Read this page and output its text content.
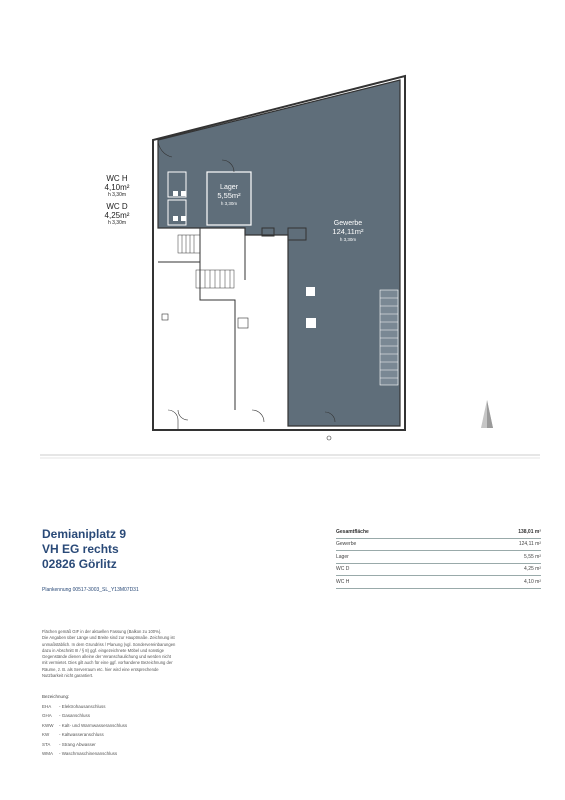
WC H
4,10m²
h 3,30m
WC D
4,25m²
h 3,30m
Lager
5,55m²
h 3,30m
Gewerbe
124,11m²
h 3,30m
Demianiplatz 9
VH EG rechts
02826 Görlitz
Plankennung 00517-3003_SL_Y13M07D31
Gesamtfläche	138,01 m²
Gewerbe	124,11 m²
Lager	5,55 m²
WC D	4,25 m²
WC H	4,10 m²
Flächen gemäß GIF in der aktuellen Fassung (Balkon zu 100%).
Die Angaben über Länge und Breite sind zur Hauptmaße. Zeichnung ist
unmaßstäblich. In dem Grundriss / Planung (vgl. Sondervereinbarungen
dazu in Abschnitt III / § 8) ggf. eingezeichnete Möbel und sonstige
Gegenstände dienen alleine der Veranschaulichung und werden nicht
mit vermietet. Dies gilt auch für eine ggf. vorhandene Bezeichnung der
Räume, z. B. als Serverraum etc. hier wird eine entsprechende
Nutzbarkeit nicht garantiert.
Bezeichnung:
EHA - Elektrohausanschluss
GHA - Gasanschluss
KWW - Kalt- und Warmwasseranschluss
KW - Kaltwasseranschluss
STA - Strang Abwasser
WMA - Waschmaschinenanschluss
